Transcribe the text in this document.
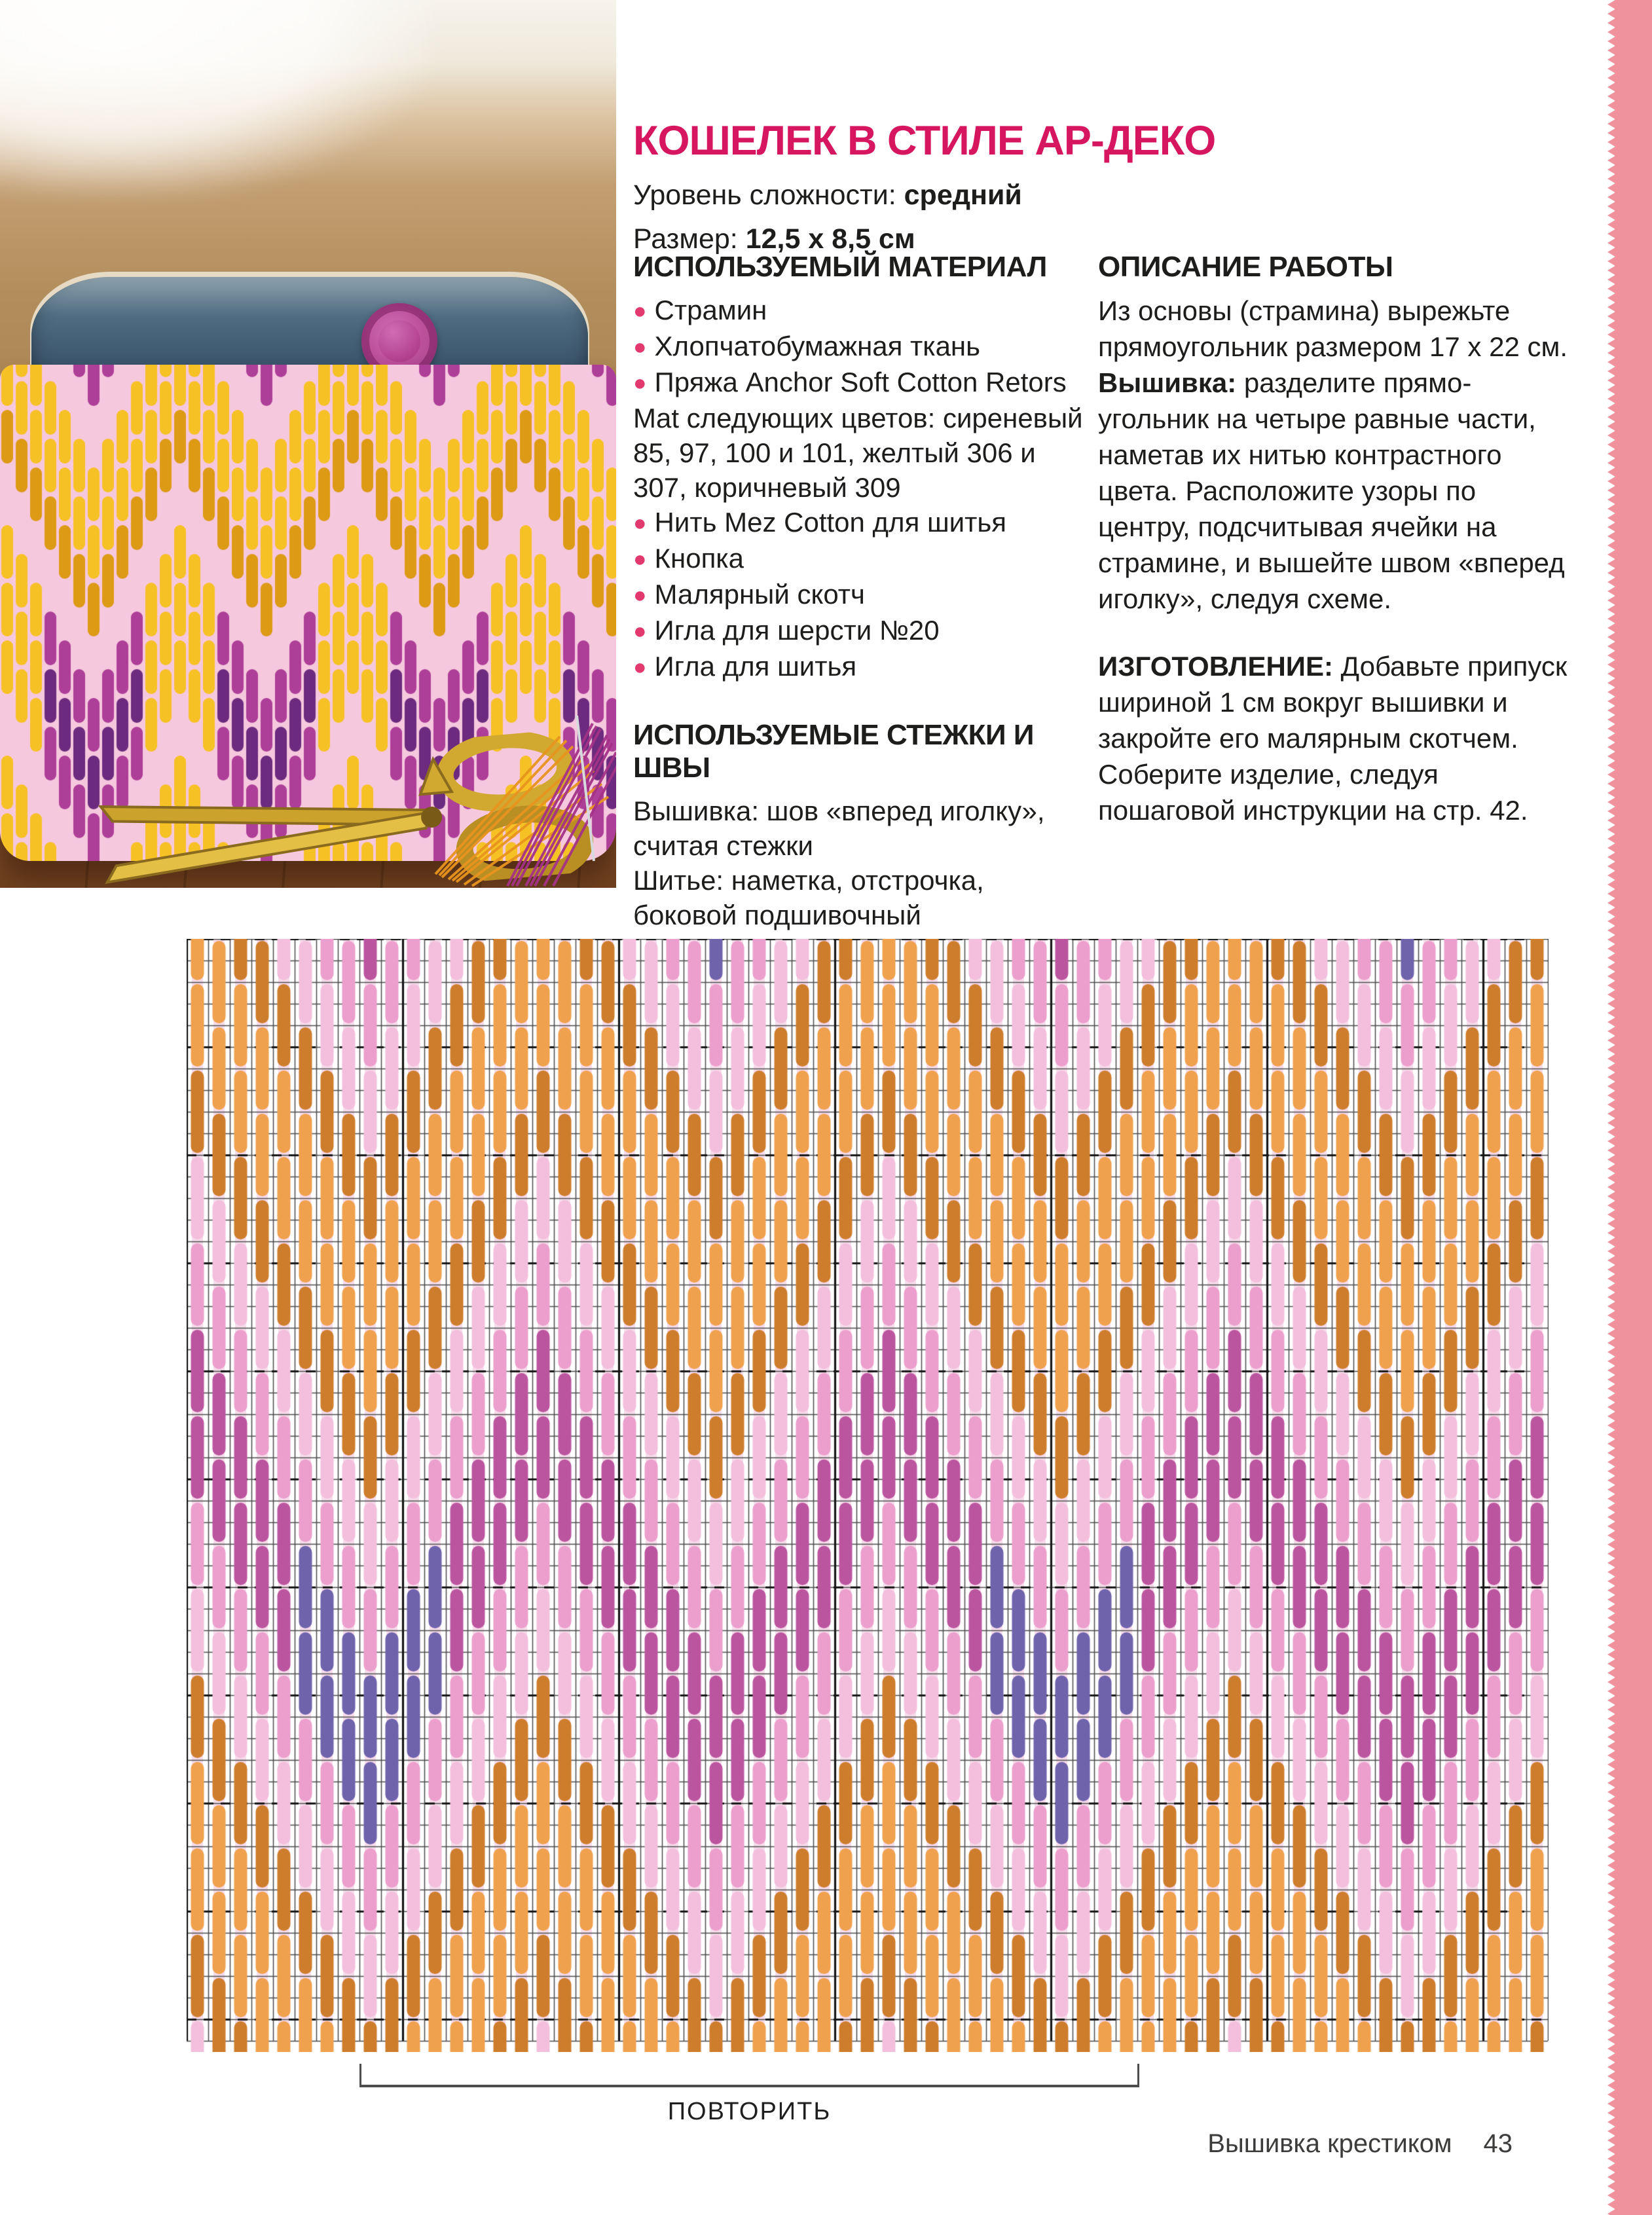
КОШЕЛЕК В СТИЛЕ АР-ДЕКО

Уровень сложности: средний

Размер: 12,5 x 8,5 см

ИСПОЛЬЗУЕМЫЙ МАТЕРИАЛ
● Страмин
● Хлопчатобумажная ткань
● Пряжа Anchor Soft Cotton Retors Mat следующих цветов: сиреневый 85, 97, 100 и 101, желтый 306 и 307, коричневый 309
● Нить Mez Cotton для шитья
● Кнопка
● Малярный скотч
● Игла для шерсти №20
● Игла для шитья
ИСПОЛЬЗУЕМЫЕ СТЕЖКИ И ШВЫ

Вышивка: шов «вперед иголку», считая стежки

Шитье: наметка, отстрочка, боковой подшивочный

ОПИСАНИЕ РАБОТЫ

Из основы (страмина) вырежьте прямоугольник размером 17 х 22 см.
Вышивка: разделите прямоугольник на четыре равные части, наметав их нитью контрастного цвета. Расположите узоры по центру, подсчитывая ячейки на страмине, и вышейте швом «вперед иголку», следуя схеме.

ИЗГОТОВЛЕНИЕ: Добавьте припуск шириной 1 см вокруг вышивки и закройте его малярным скотчем. Соберите изделие, следуя пошаговой инструкции на стр. 42.

ПОВТОРИТЬ
Вышивка крестиком 43
